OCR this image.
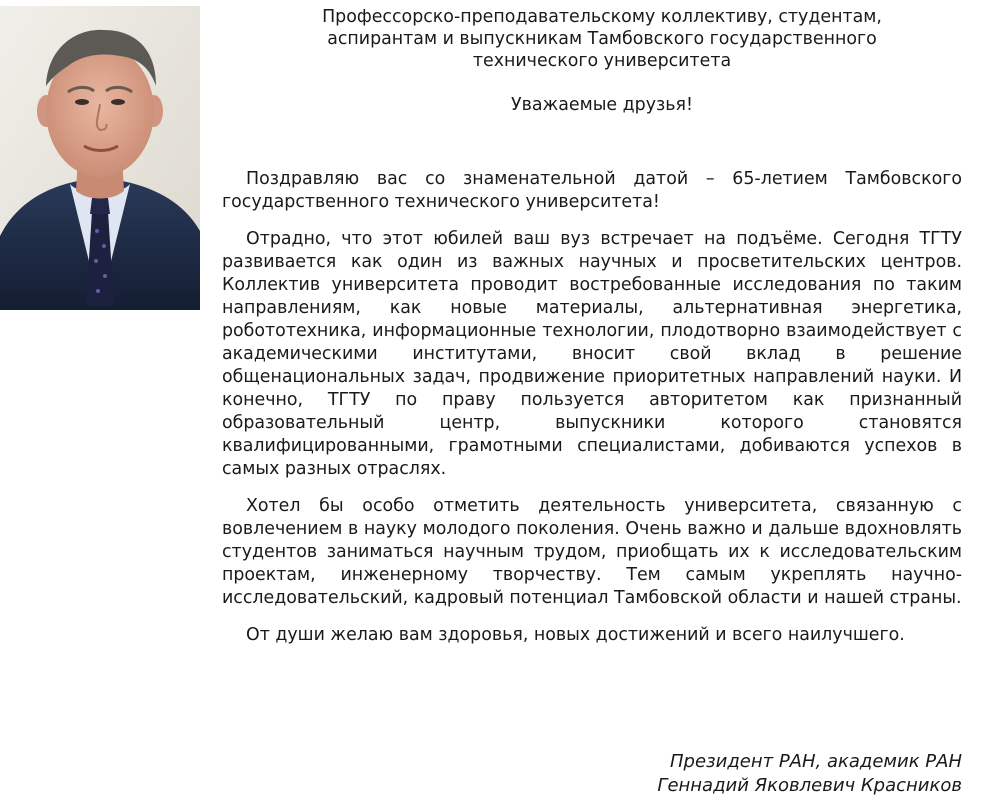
Профессорско-преподавательскому коллективу, студентам,
аспирантам и выпускникам Тамбовского государственного
технического университета
Уважаемые друзья!

Поздравляю вас со знаменательной датой – 65-летием Тамбовского государственного технического университета!

Отрадно, что этот юбилей ваш вуз встречает на подъёме. Сегодня ТГТУ развивается как один из важных научных и просветительских центров. Коллектив университета проводит востребованные исследования по таким направлениям, как новые материалы, альтернативная энергетика, робототехника, информационные технологии, плодотворно взаимодействует с академическими институтами, вносит свой вклад в решение общенациональных задач, продвижение приоритетных направлений науки. И конечно, ТГТУ по праву пользуется авторитетом как признанный образовательный центр, выпускники которого становятся квалифицированными, грамотными специалистами, добиваются успехов в самых разных отраслях.

Хотел бы особо отметить деятельность университета, связанную с вовлечением в науку молодого поколения. Очень важно и дальше вдохновлять студентов заниматься научным трудом, приобщать их к исследовательским проектам, инженерному творчеству. Тем самым укреплять научно-исследовательский, кадровый потенциал Тамбовской области и нашей страны.

От души желаю вам здоровья, новых достижений и всего наилучшего.

Президент РАН, академик РАН
Геннадий Яковлевич Красников
